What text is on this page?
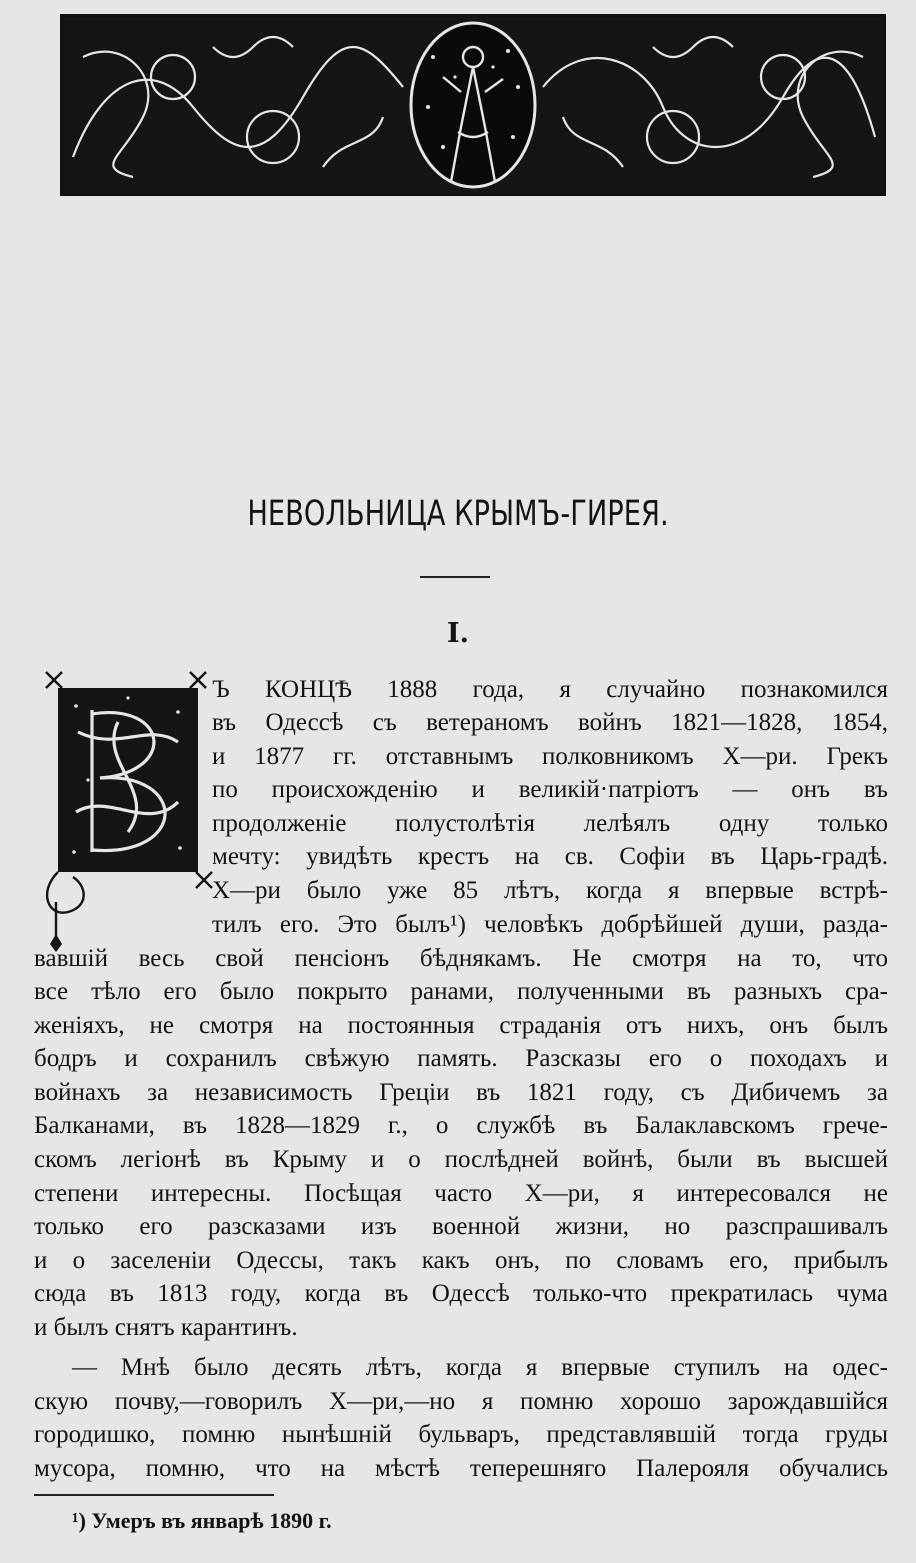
НЕВОЛЬНИЦА КРЫМЪ-ГИРЕЯ.
I.
Ъ КОНЦѢ 1888 года, я случайно познакомился
въ Одессѣ съ ветераномъ войнъ 1821—1828, 1854,
и 1877 гг. отставнымъ полковникомъ Х—ри. Грекъ
по происхожденію и великій·патріотъ — онъ въ
продолженіе полустолѣтія лелѣялъ одну только
мечту: увидѣть крестъ на св. Софіи въ Царь-градѣ.
Х—ри было уже 85 лѣтъ, когда я впервые встрѣ-
тилъ его. Это былъ¹) человѣкъ добрѣйшей души, разда-
вавшій весь свой пенсіонъ бѣднякамъ. Не смотря на то, что
все тѣло его было покрыто ранами, полученными въ разныхъ сра-
женіяхъ, не смотря на постоянныя страданія отъ нихъ, онъ былъ
бодръ и сохранилъ свѣжую память. Разсказы его о походахъ и
войнахъ за независимость Греціи въ 1821 году, съ Дибичемъ за
Балканами, въ 1828—1829 г., о службѣ въ Балаклавскомъ грече-
скомъ легіонѣ въ Крыму и о послѣдней войнѣ, были въ высшей
степени интересны. Посѣщая часто Х—ри, я интересовался не
только его разсказами изъ военной жизни, но разспрашивалъ
и о заселеніи Одессы, такъ какъ онъ, по словамъ его, прибылъ
сюда въ 1813 году, когда въ Одессѣ только-что прекратилась чума
и былъ снятъ карантинъ.
— Мнѣ было десять лѣтъ, когда я впервые ступилъ на одес-
скую почву,—говорилъ Х—ри,—но я помню хорошо зарождавшійся
городишко, помню нынѣшній бульваръ, представлявшій тогда груды
мусора, помню, что на мѣстѣ теперешняго Палерояля обучались
¹) Умеръ въ январѣ 1890 г.
